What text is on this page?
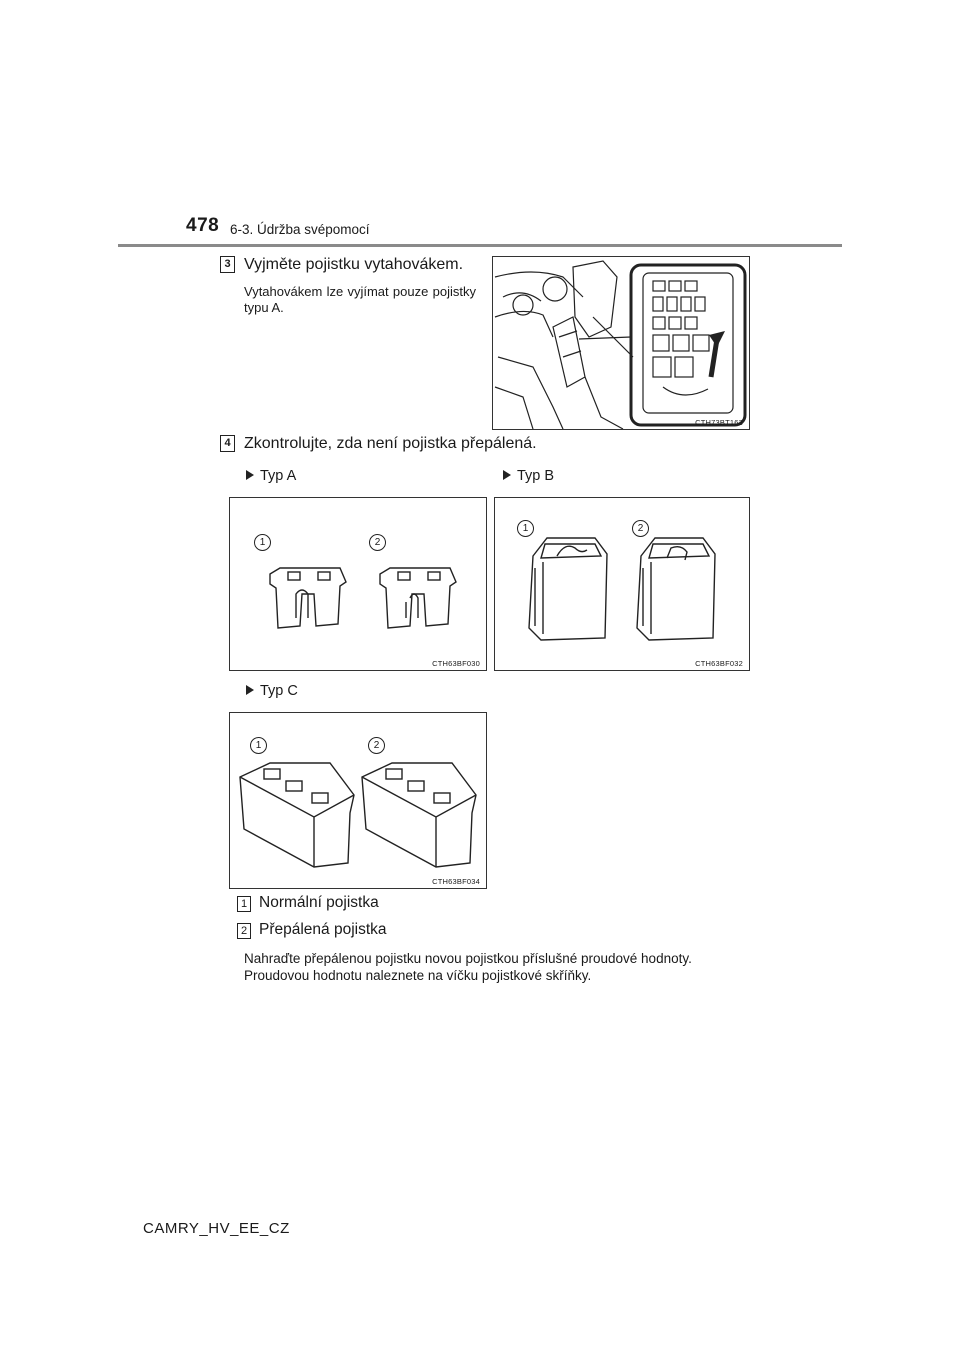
478 6-3. Údržba svépomocí
3 Vyjměte pojistku vytahovákem.
Vytahovákem lze vyjímat pouze pojistky typu A.
CTH73BT163
4 Zkontrolujte, zda není pojistka přepálená.
Typ A	Typ B
1	2
CTH63BF030
1	2
CTH63BF032
Typ C
1	2
CTH63BF034
1 Normální pojistka
2 Přepálená pojistka
Nahraďte přepálenou pojistku novou pojistkou příslušné proudové hodnoty.
Proudovou hodnotu naleznete na víčku pojistkové skříňky.
CAMRY_HV_EE_CZ
